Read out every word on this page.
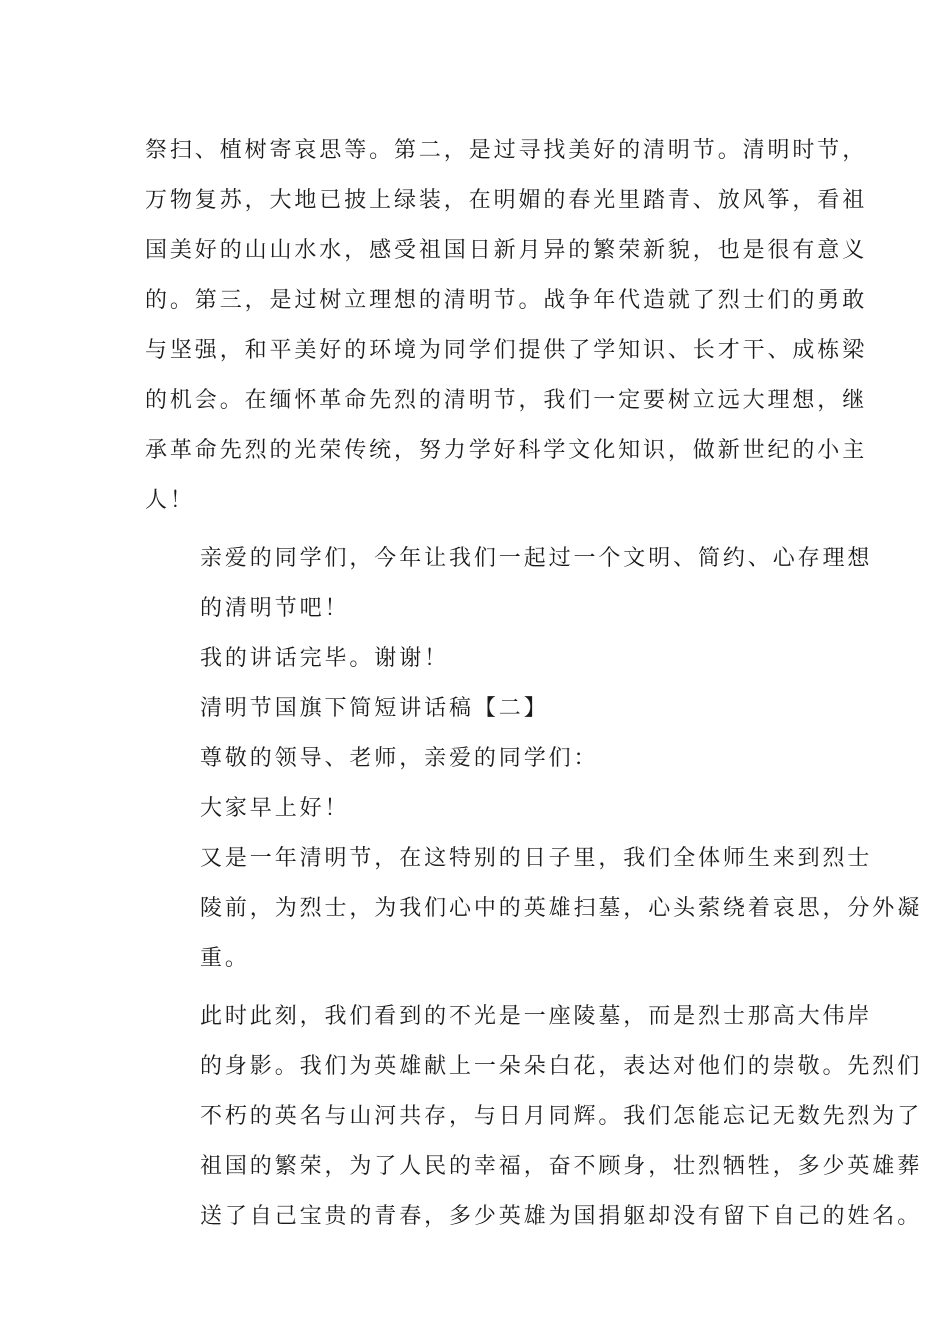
祭扫、植树寄哀思等。第二，是过寻找美好的清明节。清明时节，
万物复苏，大地已披上绿装，在明媚的春光里踏青、放风筝，看祖
国美好的山山水水，感受祖国日新月异的繁荣新貌，也是很有意义
的。第三，是过树立理想的清明节。战争年代造就了烈士们的勇敢
与坚强，和平美好的环境为同学们提供了学知识、长才干、成栋梁
的机会。在缅怀革命先烈的清明节，我们一定要树立远大理想，继
承革命先烈的光荣传统，努力学好科学文化知识，做新世纪的小主
人！
亲爱的同学们，今年让我们一起过一个文明、简约、心存理想
的清明节吧！
我的讲话完毕。谢谢！
清明节国旗下简短讲话稿【二】
尊敬的领导、老师，亲爱的同学们：
大家早上好！
又是一年清明节，在这特别的日子里，我们全体师生来到烈士
陵前，为烈士，为我们心中的英雄扫墓，心头萦绕着哀思，分外凝
重。
此时此刻，我们看到的不光是一座陵墓，而是烈士那高大伟岸
的身影。我们为英雄献上一朵朵白花，表达对他们的崇敬。先烈们
不朽的英名与山河共存，与日月同辉。我们怎能忘记无数先烈为了
祖国的繁荣，为了人民的幸福，奋不顾身，壮烈牺牲，多少英雄葬
送了自己宝贵的青春，多少英雄为国捐躯却没有留下自己的姓名。
